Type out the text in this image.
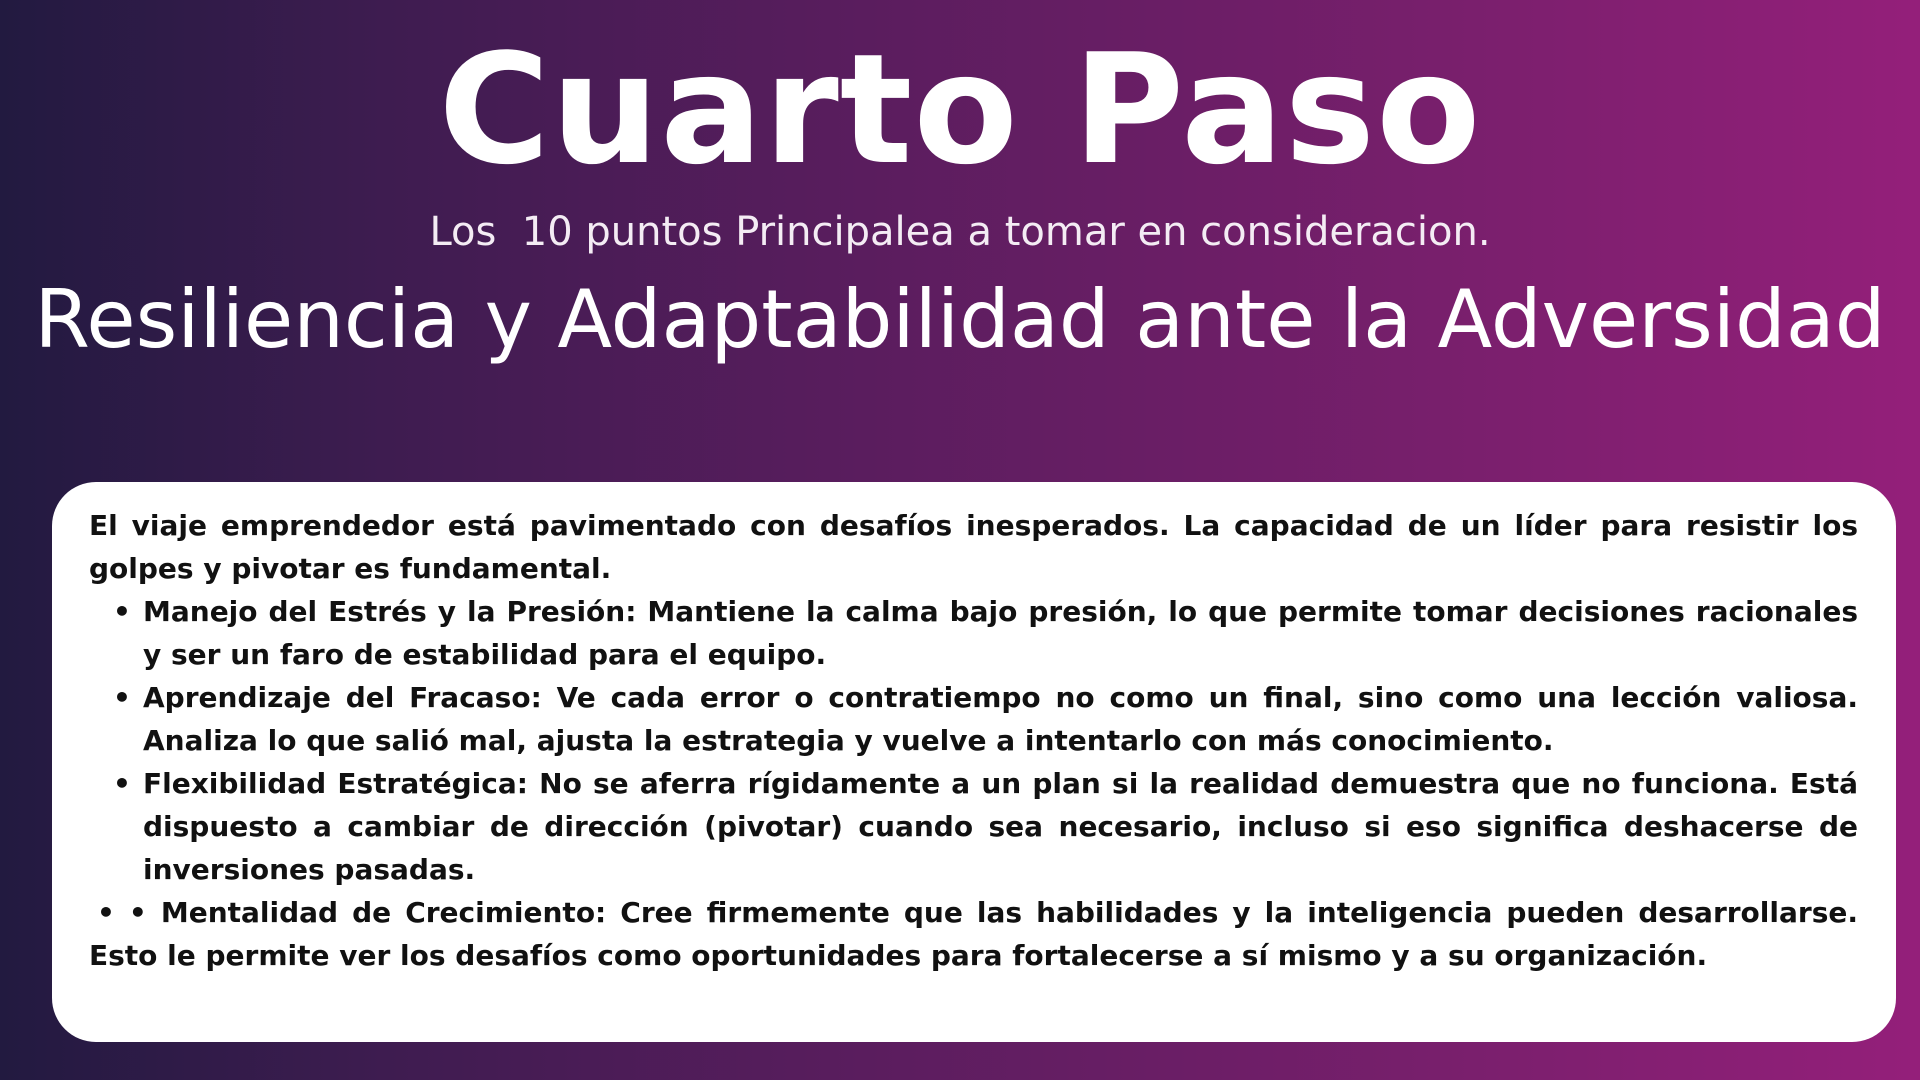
Cuarto Paso
Los  10 puntos Principalea a tomar en consideracion.
Resiliencia y Adaptabilidad ante la Adversidad

El viaje emprendedor está pavimentado con desafíos inesperados. La capacidad de un líder para resistir los golpes y pivotar es fundamental.

• Manejo del Estrés y la Presión: Mantiene la calma bajo presión, lo que permite tomar decisiones racionales y ser un faro de estabilidad para el equipo.
• Aprendizaje del Fracaso: Ve cada error o contratiempo no como un final, sino como una lección valiosa. Analiza lo que salió mal, ajusta la estrategia y vuelve a intentarlo con más conocimiento.
• Flexibilidad Estratégica: No se aferra rígidamente a un plan si la realidad demuestra que no funciona. Está dispuesto a cambiar de dirección (pivotar) cuando sea necesario, incluso si eso significa deshacerse de inversiones pasadas.

• • Mentalidad de Crecimiento: Cree firmemente que las habilidades y la inteligencia pueden desarrollarse. Esto le permite ver los desafíos como oportunidades para fortalecerse a sí mismo y a su organización.
